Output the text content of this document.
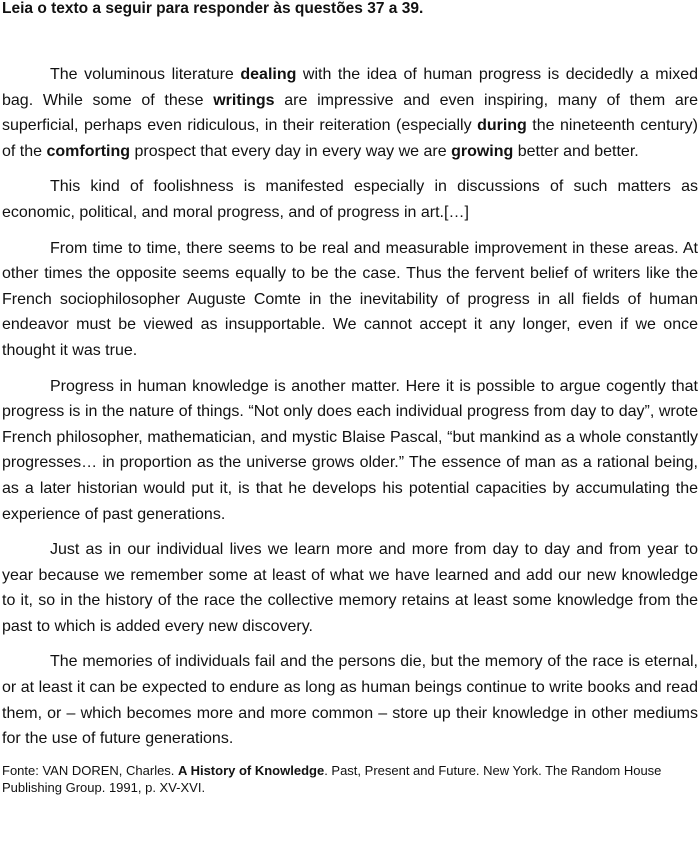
Leia o texto a seguir para responder às questões 37 a 39.

The voluminous literature dealing with the idea of human progress is decidedly a mixed bag. While some of these writings are impressive and even inspiring, many of them are superficial, perhaps even ridiculous, in their reiteration (especially during the nineteenth century) of the comforting prospect that every day in every way we are growing better and better.

This kind of foolishness is manifested especially in discussions of such matters as economic, political, and moral progress, and of progress in art.[…]

From time to time, there seems to be real and measurable improvement in these areas. At other times the opposite seems equally to be the case. Thus the fervent belief of writers like the French sociophilosopher Auguste Comte in the inevitability of progress in all fields of human endeavor must be viewed as insupportable. We cannot accept it any longer, even if we once thought it was true.

Progress in human knowledge is another matter. Here it is possible to argue cogently that progress is in the nature of things. “Not only does each individual progress from day to day”, wrote French philosopher, mathematician, and mystic Blaise Pascal, “but mankind as a whole constantly progresses… in proportion as the universe grows older.” The essence of man as a rational being, as a later historian would put it, is that he develops his potential capacities by accumulating the experience of past generations.

Just as in our individual lives we learn more and more from day to day and from year to year because we remember some at least of what we have learned and add our new knowledge to it, so in the history of the race the collective memory retains at least some knowledge from the past to which is added every new discovery.

The memories of individuals fail and the persons die, but the memory of the race is eternal, or at least it can be expected to endure as long as human beings continue to write books and read them, or – which becomes more and more common – store up their knowledge in other mediums for the use of future generations.

Fonte: VAN DOREN, Charles. A History of Knowledge. Past, Present and Future. New York. The Random House Publishing Group. 1991, p. XV-XVI.
